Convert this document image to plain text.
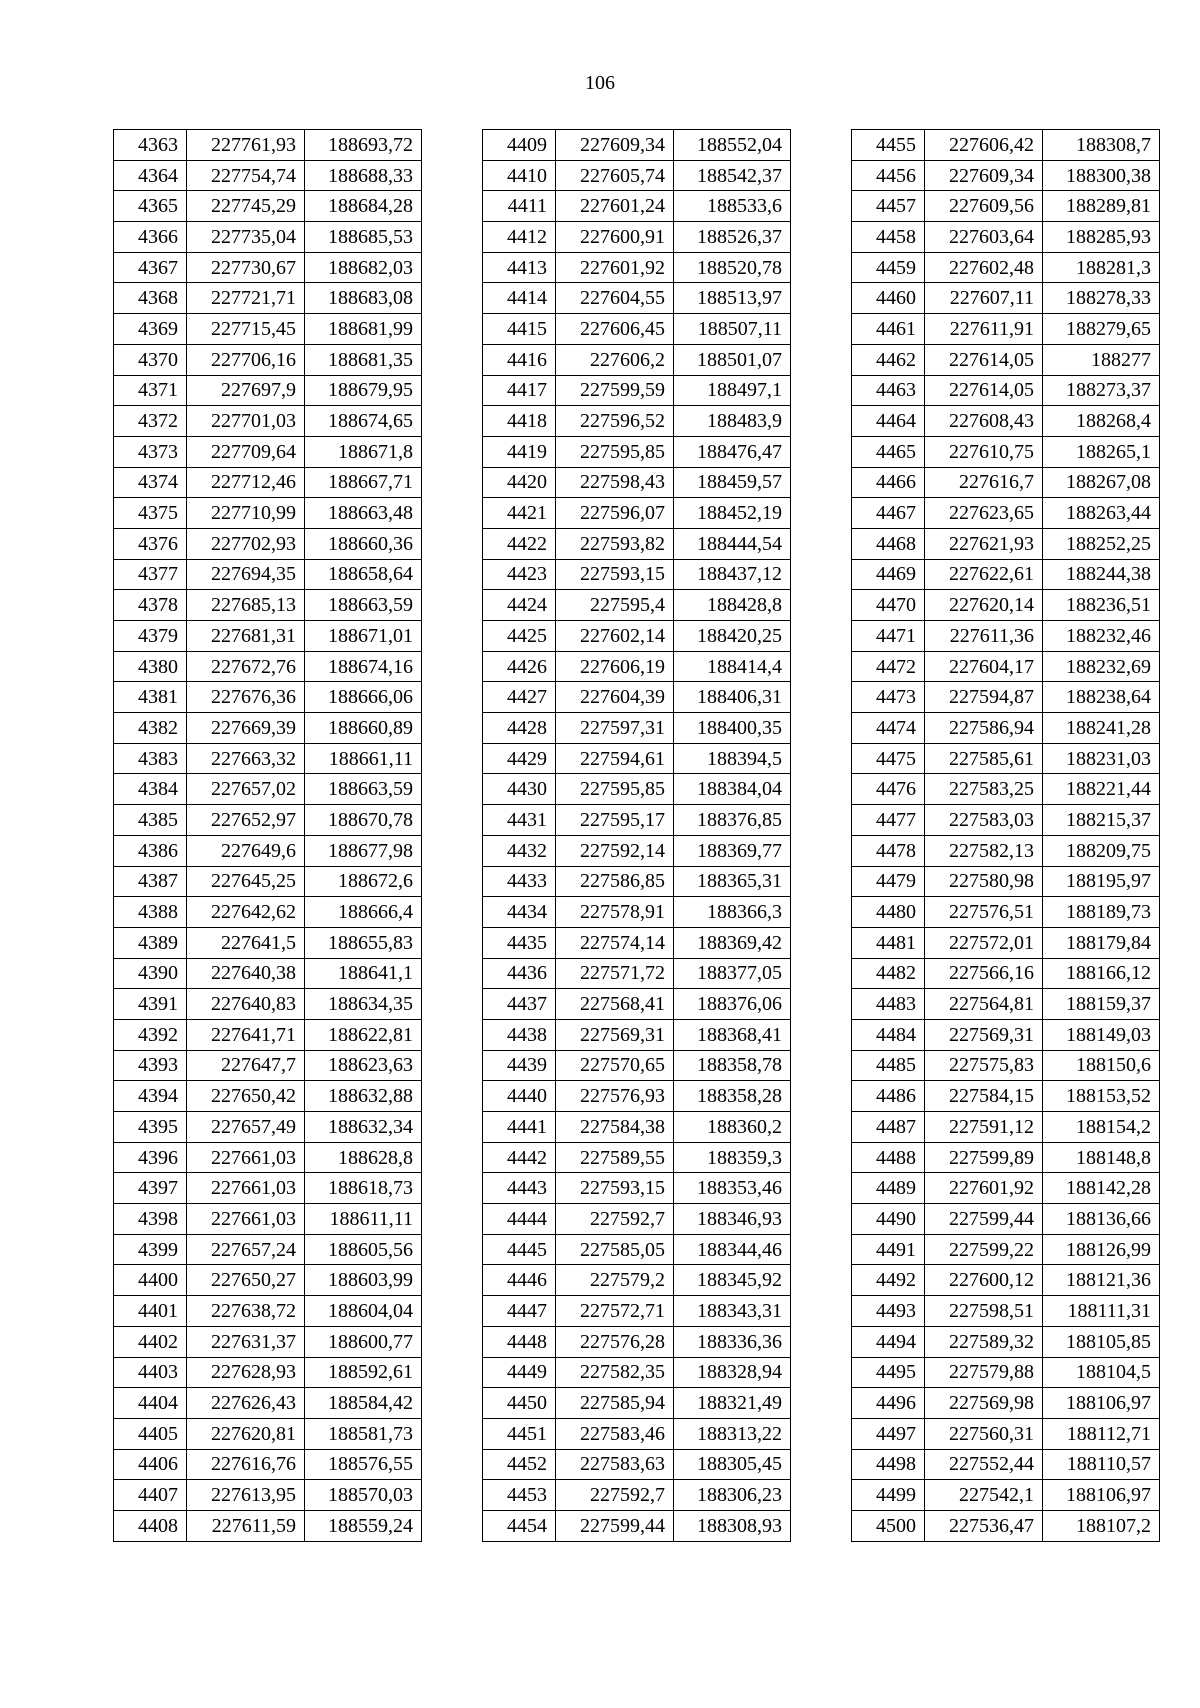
106
4363	227761,93	188693,72
4364	227754,74	188688,33
4365	227745,29	188684,28
4366	227735,04	188685,53
4367	227730,67	188682,03
4368	227721,71	188683,08
4369	227715,45	188681,99
4370	227706,16	188681,35
4371	227697,9	188679,95
4372	227701,03	188674,65
4373	227709,64	188671,8
4374	227712,46	188667,71
4375	227710,99	188663,48
4376	227702,93	188660,36
4377	227694,35	188658,64
4378	227685,13	188663,59
4379	227681,31	188671,01
4380	227672,76	188674,16
4381	227676,36	188666,06
4382	227669,39	188660,89
4383	227663,32	188661,11
4384	227657,02	188663,59
4385	227652,97	188670,78
4386	227649,6	188677,98
4387	227645,25	188672,6
4388	227642,62	188666,4
4389	227641,5	188655,83
4390	227640,38	188641,1
4391	227640,83	188634,35
4392	227641,71	188622,81
4393	227647,7	188623,63
4394	227650,42	188632,88
4395	227657,49	188632,34
4396	227661,03	188628,8
4397	227661,03	188618,73
4398	227661,03	188611,11
4399	227657,24	188605,56
4400	227650,27	188603,99
4401	227638,72	188604,04
4402	227631,37	188600,77
4403	227628,93	188592,61
4404	227626,43	188584,42
4405	227620,81	188581,73
4406	227616,76	188576,55
4407	227613,95	188570,03
4408	227611,59	188559,24
4409	227609,34	188552,04
4410	227605,74	188542,37
4411	227601,24	188533,6
4412	227600,91	188526,37
4413	227601,92	188520,78
4414	227604,55	188513,97
4415	227606,45	188507,11
4416	227606,2	188501,07
4417	227599,59	188497,1
4418	227596,52	188483,9
4419	227595,85	188476,47
4420	227598,43	188459,57
4421	227596,07	188452,19
4422	227593,82	188444,54
4423	227593,15	188437,12
4424	227595,4	188428,8
4425	227602,14	188420,25
4426	227606,19	188414,4
4427	227604,39	188406,31
4428	227597,31	188400,35
4429	227594,61	188394,5
4430	227595,85	188384,04
4431	227595,17	188376,85
4432	227592,14	188369,77
4433	227586,85	188365,31
4434	227578,91	188366,3
4435	227574,14	188369,42
4436	227571,72	188377,05
4437	227568,41	188376,06
4438	227569,31	188368,41
4439	227570,65	188358,78
4440	227576,93	188358,28
4441	227584,38	188360,2
4442	227589,55	188359,3
4443	227593,15	188353,46
4444	227592,7	188346,93
4445	227585,05	188344,46
4446	227579,2	188345,92
4447	227572,71	188343,31
4448	227576,28	188336,36
4449	227582,35	188328,94
4450	227585,94	188321,49
4451	227583,46	188313,22
4452	227583,63	188305,45
4453	227592,7	188306,23
4454	227599,44	188308,93
4455	227606,42	188308,7
4456	227609,34	188300,38
4457	227609,56	188289,81
4458	227603,64	188285,93
4459	227602,48	188281,3
4460	227607,11	188278,33
4461	227611,91	188279,65
4462	227614,05	188277
4463	227614,05	188273,37
4464	227608,43	188268,4
4465	227610,75	188265,1
4466	227616,7	188267,08
4467	227623,65	188263,44
4468	227621,93	188252,25
4469	227622,61	188244,38
4470	227620,14	188236,51
4471	227611,36	188232,46
4472	227604,17	188232,69
4473	227594,87	188238,64
4474	227586,94	188241,28
4475	227585,61	188231,03
4476	227583,25	188221,44
4477	227583,03	188215,37
4478	227582,13	188209,75
4479	227580,98	188195,97
4480	227576,51	188189,73
4481	227572,01	188179,84
4482	227566,16	188166,12
4483	227564,81	188159,37
4484	227569,31	188149,03
4485	227575,83	188150,6
4486	227584,15	188153,52
4487	227591,12	188154,2
4488	227599,89	188148,8
4489	227601,92	188142,28
4490	227599,44	188136,66
4491	227599,22	188126,99
4492	227600,12	188121,36
4493	227598,51	188111,31
4494	227589,32	188105,85
4495	227579,88	188104,5
4496	227569,98	188106,97
4497	227560,31	188112,71
4498	227552,44	188110,57
4499	227542,1	188106,97
4500	227536,47	188107,2
